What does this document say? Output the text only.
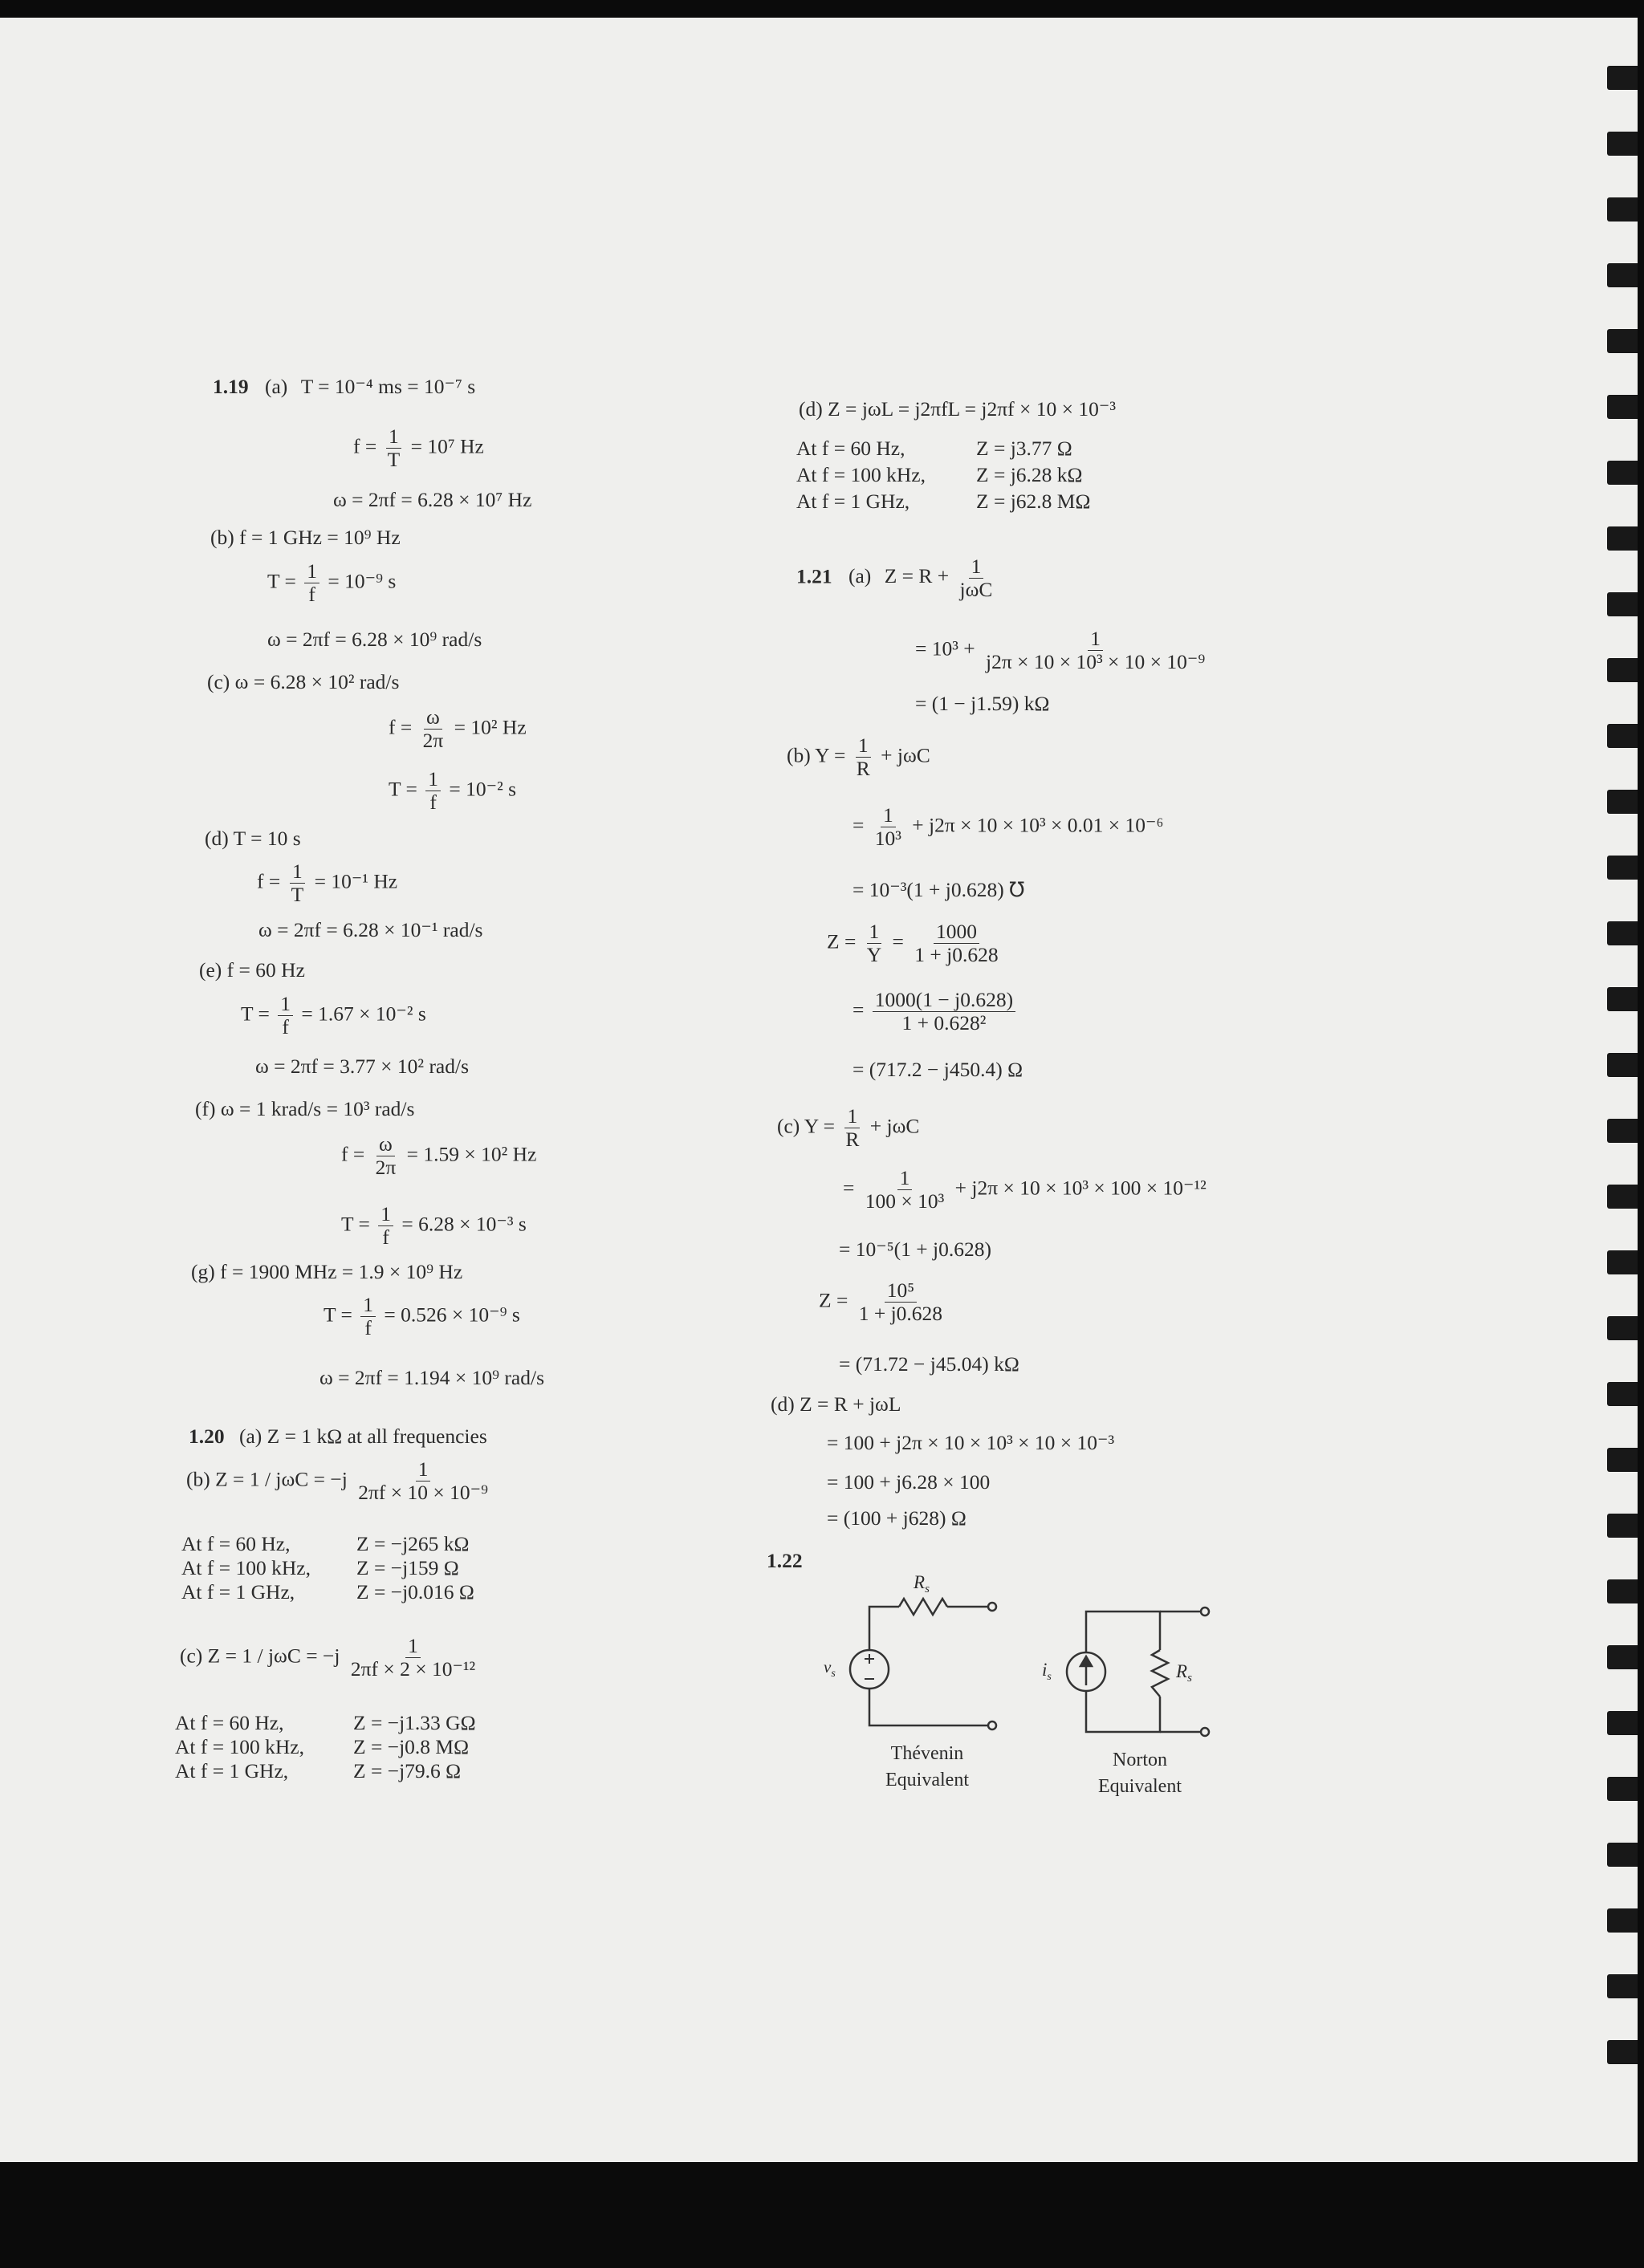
1.19 (a) T = 10⁻⁴ ms = 10⁻⁷ s
$f = \frac{1}{T} = 10^7$ Hz
ω = 2πf = 6.28 × 10⁷ Hz
(b) f = 1 GHz = 10⁹ Hz
$T = \frac{1}{f} = 10^{-9}$ s
ω = 2πf = 6.28 × 10⁹ rad/s
(c) ω = 6.28 × 10² rad/s
$f = \frac{\omega}{2\pi} = 10^2$ Hz
$T = \frac{1}{f} = 10^{-2}$ s
(d) T = 10 s
$f = \frac{1}{T} = 10^{-1}$ Hz
ω = 2πf = 6.28 × 10⁻¹ rad/s
(e) f = 60 Hz
$T = \frac{1}{f} = 1.67 \times 10^{-2}$ s
ω = 2πf = 3.77 × 10² rad/s
(f) ω = 1 krad/s = 10³ rad/s
$f = \frac{\omega}{2\pi} = 1.59 \times 10^2$ Hz
$T = \frac{1}{f} = 6.28 \times 10^{-3}$ s
(g) f = 1900 MHz = 1.9 × 10⁹ Hz
$T = \frac{1}{f} = 0.526 \times 10^{-9}$ s
ω = 2πf = 1.194 × 10⁹ rad/s
1.20 (a) Z = 1 kΩ at all frequencies
(b) $Z = 1 / j\omega C = -j \frac{1}{\text{2πf × 10 × 10⁻⁹}}$
At f = 60 Hz,	Z = −j265 kΩ
At f = 100 kHz, Z = −j159 Ω
At f = 1 GHz,	Z = −j0.016 Ω
(c) $Z = 1 / j\omega C = -j \frac{1}{\text{2πf × 2 × 10⁻¹²}}$
At f = 60 Hz,	Z = −j1.33 GΩ
At f = 100 kHz, Z = −j0.8 MΩ
At f = 1 GHz,	Z = −j79.6 Ω
(d) Z = jωL = j2πfL = j2πf × 10 × 10⁻³
At f = 60 Hz,	Z = j3.77 Ω
At f = 100 kHz, Z = j6.28 kΩ
At f = 1 GHz,	Z = j62.8 MΩ
1.21 (a) $Z = R + \frac{1}{\text{jωC}}$
= $10^3 + \frac{1}{\text{j2π × 10 × 10³ × 10 × 10⁻⁹}}$
= (1 − j1.59) kΩ
(b) $Y = \frac{1}{R} + j\omega C$
= $\frac{1}{\text{10³}} + j2\pi \times 10 \times 10^3 \times 0.01 \times 10^{-6}$
= 10⁻³(1 + j0.628) ℧
$Z = \frac{1}{Y} = \frac{1000}{1 + j0.628}$
= $\frac{1000(1 - j0.628)}{\text{1 + 0.628²}}$
= (717.2 − j450.4) Ω
(c) $Y = \frac{1}{R} + j\omega C$
= $\frac{1}{\text{100 × 10³}} + j2\pi \times 10 \times 10^3 \times 100 \times 10^{-12}$
= 10⁻⁵(1 + j0.628)
$Z = \frac{\text{10⁵}}{1 + j0.628}$
= (71.72 − j45.04) kΩ
(d) Z = R + jωL
= 100 + j2π × 10 × 10³ × 10 × 10⁻³
= 100 + j6.28 × 100
= (100 + j628) Ω
1.22
$R_s$
$v_s$
Thévenin
Equivalent
$i_s$	$R_s$
Norton
Equivalent
